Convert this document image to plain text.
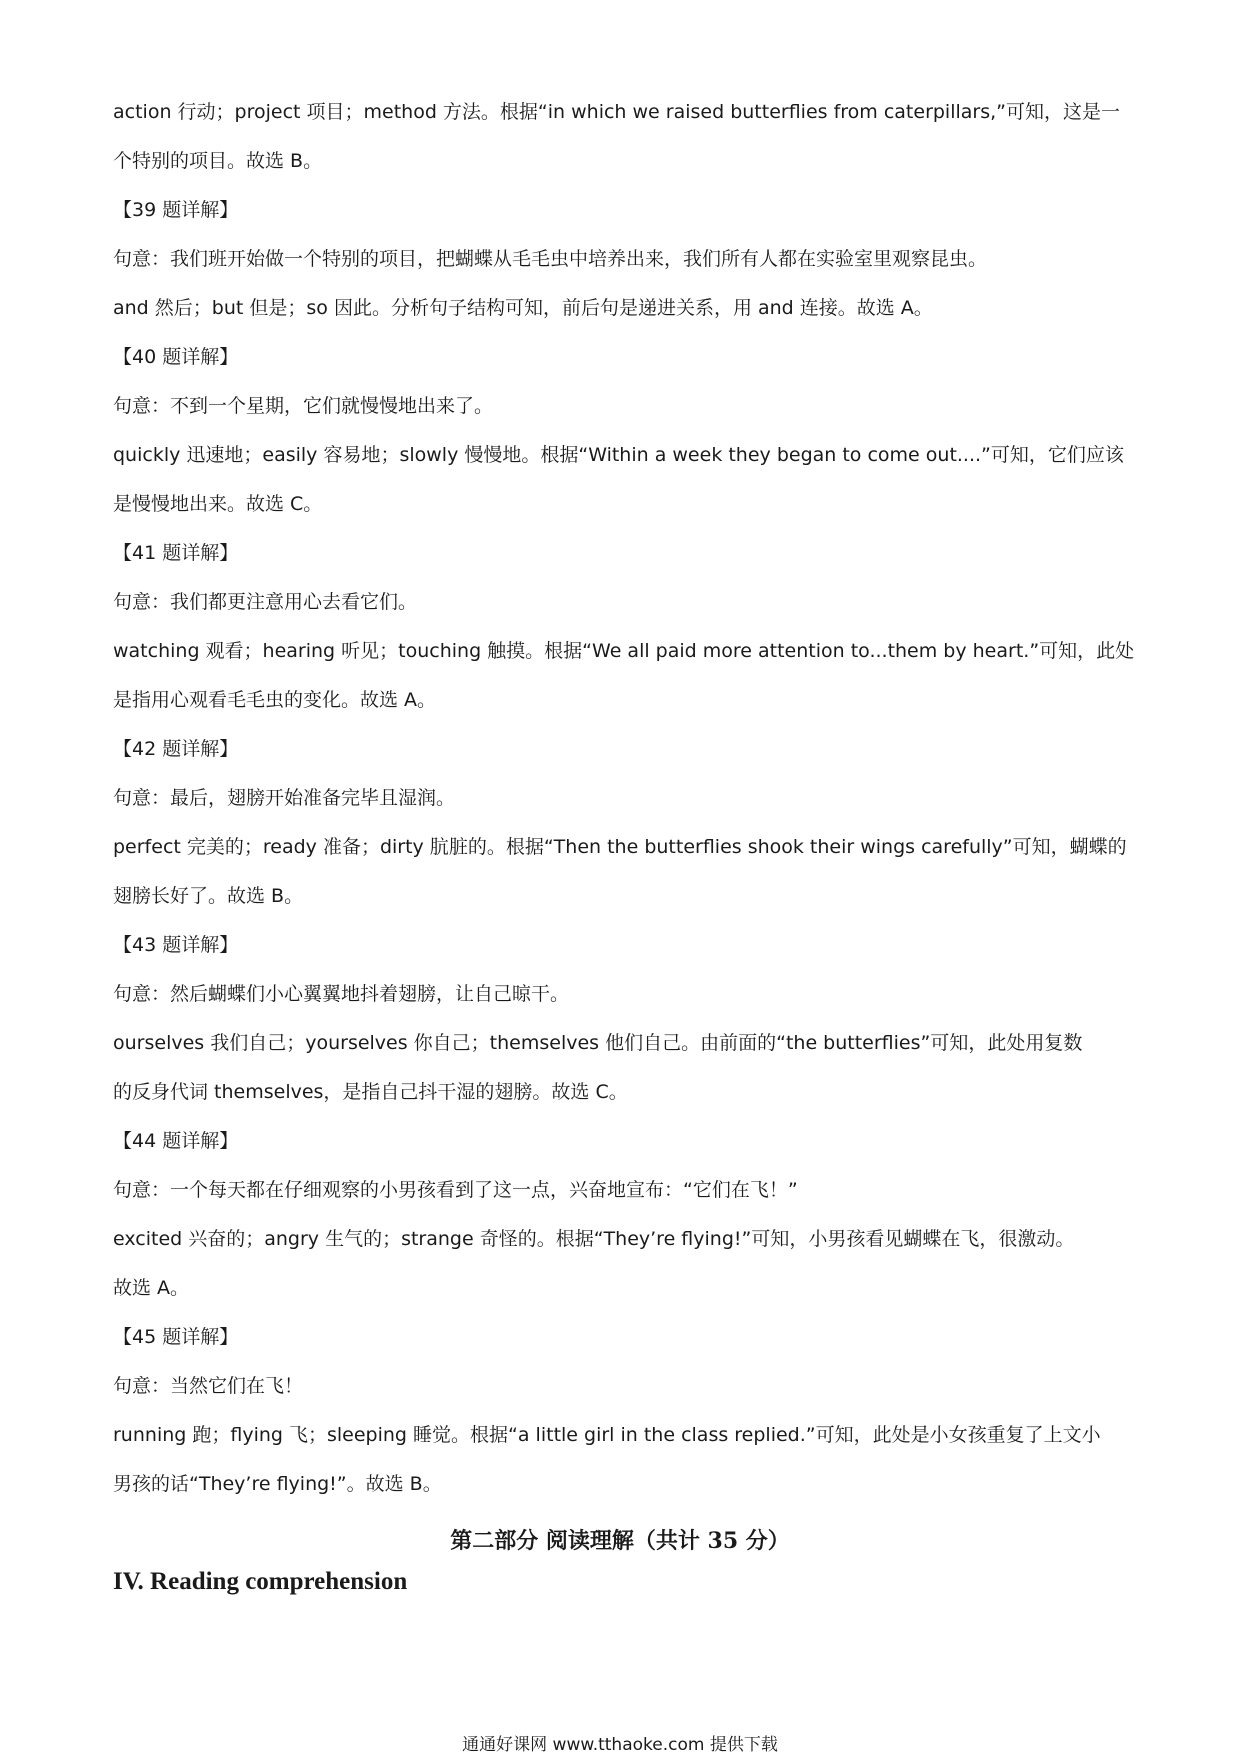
action 行动；project 项目；method 方法。根据“in which we raised butterflies from caterpillars,”可知，这是一

个特别的项目。故选 B。

【39 题详解】

句意：我们班开始做一个特别的项目，把蝴蝶从毛毛虫中培养出来，我们所有人都在实验室里观察昆虫。

and 然后；but 但是；so 因此。分析句子结构可知，前后句是递进关系，用 and 连接。故选 A。

【40 题详解】

句意：不到一个星期，它们就慢慢地出来了。

quickly 迅速地；easily 容易地；slowly 慢慢地。根据“Within a week they began to come out....”可知，它们应该

是慢慢地出来。故选 C。

【41 题详解】

句意：我们都更注意用心去看它们。

watching 观看；hearing 听见；touching 触摸。根据“We all paid more attention to...them by heart.”可知，此处

是指用心观看毛毛虫的变化。故选 A。

【42 题详解】

句意：最后，翅膀开始准备完毕且湿润。

perfect 完美的；ready 准备；dirty 肮脏的。根据“Then the butterflies shook their wings carefully”可知，蝴蝶的

翅膀长好了。故选 B。

【43 题详解】

句意：然后蝴蝶们小心翼翼地抖着翅膀，让自己晾干。

ourselves 我们自己；yourselves 你自己；themselves 他们自己。由前面的“the butterflies”可知，此处用复数

的反身代词 themselves，是指自己抖干湿的翅膀。故选 C。

【44 题详解】

句意：一个每天都在仔细观察的小男孩看到了这一点，兴奋地宣布：“它们在飞！”

excited 兴奋的；angry 生气的；strange 奇怪的。根据“They’re flying!”可知，小男孩看见蝴蝶在飞，很激动。

故选 A。

【45 题详解】

句意：当然它们在飞！

running 跑；flying 飞；sleeping 睡觉。根据“a little girl in the class replied.”可知，此处是小女孩重复了上文小

男孩的话“They’re flying!”。故选 B。

第二部分 阅读理解（共计 35 分）
IV. Reading comprehension
通通好课网 www.tthaoke.com 提供下载
